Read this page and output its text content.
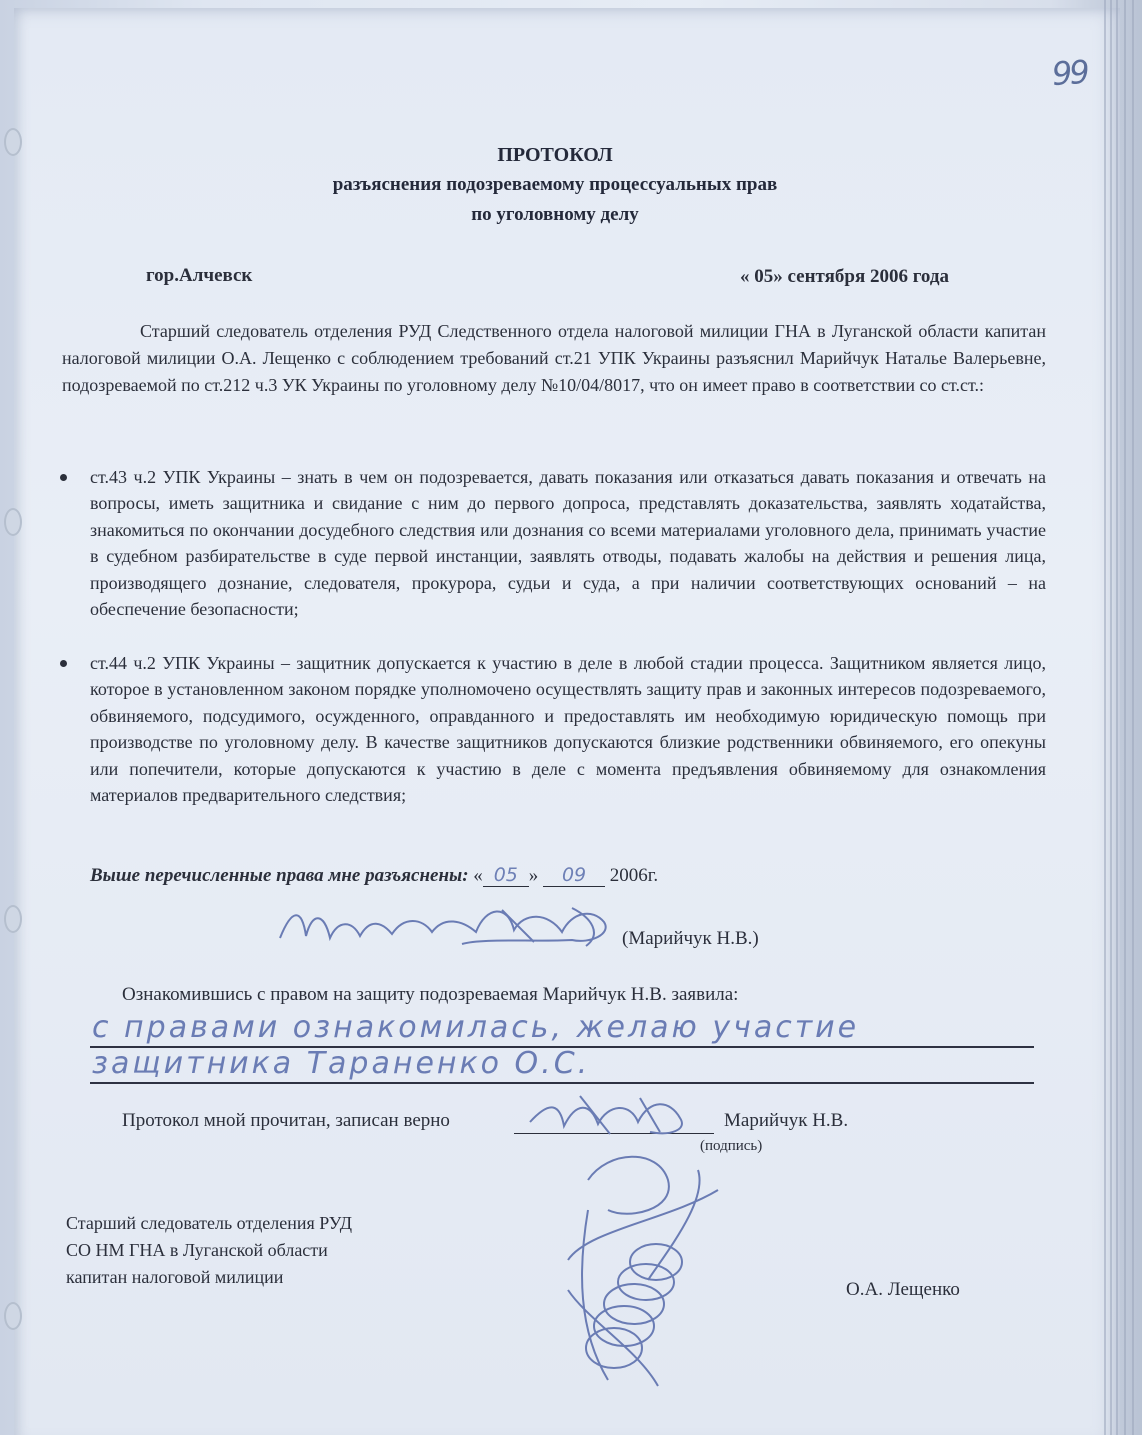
99
ПРОТОКОЛ
разъяснения подозреваемому процессуальных прав
по уголовному делу
гор.Алчевск	« 05» сентября 2006 года
Старший следователь отделения РУД Следственного отдела налоговой милиции ГНА в Луганской области капитан налоговой милиции О.А. Лещенко с соблюдением требований ст.21 УПК Украины разъяснил Марийчук Наталье Валерьевне, подозреваемой по ст.212 ч.3 УК Украины по уголовному делу №10/04/8017, что он имеет право в соответствии со ст.ст.:
ст.43 ч.2 УПК Украины – знать в чем он подозревается, давать показания или отказаться давать показания и отвечать на вопросы, иметь защитника и свидание с ним до первого допроса, представлять доказательства, заявлять ходатайства, знакомиться по окончании досудебного следствия или дознания со всеми материалами уголовного дела, принимать участие в судебном разбирательстве в суде первой инстанции, заявлять отводы, подавать жалобы на действия и решения лица, производящего дознание, следователя, прокурора, судьи и суда, а при наличии соответствующих оснований – на обеспечение безопасности;
ст.44 ч.2 УПК Украины – защитник допускается к участию в деле в любой стадии процесса. Защитником является лицо, которое в установленном законом порядке уполномочено осуществлять защиту прав и законных интересов подозреваемого, обвиняемого, подсудимого, осужденного, оправданного и предоставлять им необходимую юридическую помощь при производстве по уголовному делу. В качестве защитников допускаются близкие родственники обвиняемого, его опекуны или попечители, которые допускаются к участию в деле с момента предъявления обвиняемому для ознакомления материалов предварительного следствия;
Выше перечисленные права мне разъяснены: « 05 » 09 2006г.
(Марийчук Н.В.)
Ознакомившись с правом на защиту подозреваемая Марийчук Н.В. заявила:
с правами ознакомилась, желаю участие
защитника Тараненко О.С.
Протокол мной прочитан, записан верно	Марийчук Н.В.
(подпись)
Старший следователь отделения РУД
СО НМ ГНА в Луганской области
капитан налоговой милиции
О.А. Лещенко
